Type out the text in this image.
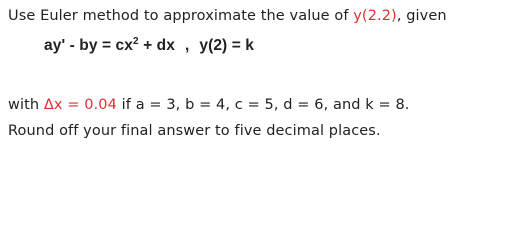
Use Euler method to approximate the value of y(2.2), given
ay' - by = $cx^2$ + dx , y(2) = k
with Δx = 0.04 if a = 3, b = 4, c = 5, d = 6, and k = 8.
Round off your final answer to five decimal places.
